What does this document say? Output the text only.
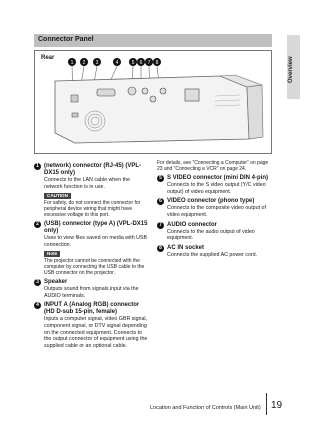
Overview
Connector Panel
Rear
1 2 3	4	5 6 7 8
1 (network) connector (RJ-45) (VPL-DX15 only)
Connects to the LAN cable when the network function is in use.
CAUTION
For safety, do not connect the connector for peripheral device wiring that might have excessive voltage to this port.
2 (USB) connector (type A) (VPL-DX15 only)
Uses to view files saved on media with USB connection.
Note
The projector cannot be connected with the computer by connecting the USB cable to the USB connector on the projector.
3 Speaker
Outputs sound from signals input via the AUDIO terminals.
4 INPUT A (Analog RGB) connector (HD D-sub 15-pin, female)
Inputs a computer signal, video GBR signal, component signal, or DTV signal depending on the connected equipment. Connects to the output connector of equipment using the supplied cable or an optional cable.
For details, see “Connecting a Computer” on page 23 and “Connecting a VCR” on page 24.
5 S VIDEO connector (mini DIN 4-pin)
Connects to the S video output (Y/C video output) of video equipment.
6 VIDEO connector (phono type)
Connects to the composite video output of video equipment.
7 AUDIO connector
Connects to the audio output of video equipment.
8 AC IN socket
Connects the supplied AC power cord.
Location and Function of Controls (Main Unit) 19
